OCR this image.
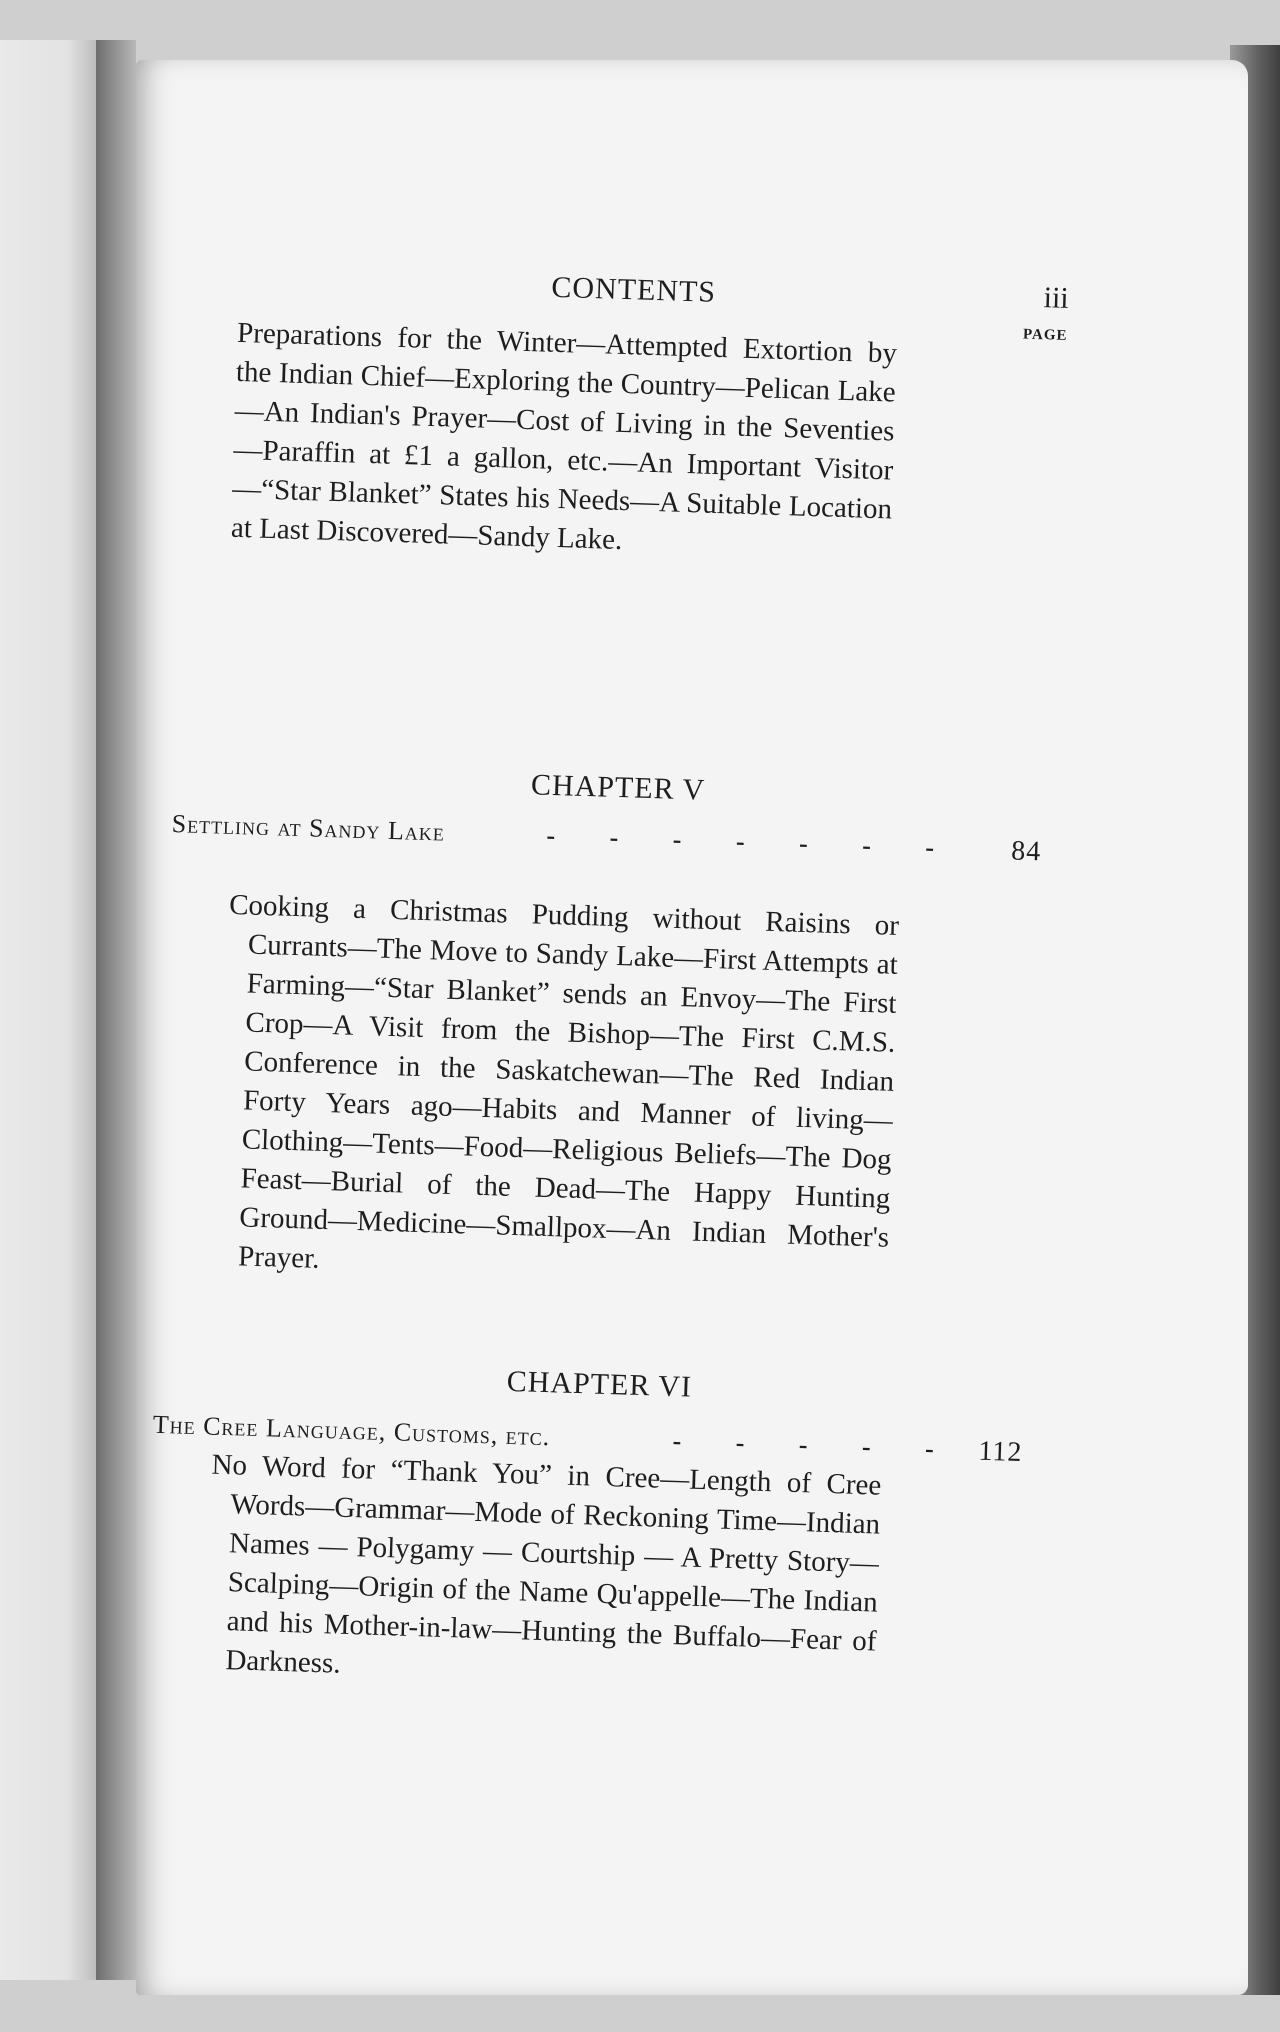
CONTENTS	iii
PAGE
Preparations for the Winter—Attempted Extortion by the Indian Chief—Exploring the Country—Pelican Lake—An Indian's Prayer—Cost of Living in the Seventies—Paraffin at £1 a gallon, etc.—An Important Visitor—“Star Blanket” States his Needs—A Suitable Location at Last Discovered—Sandy Lake.
CHAPTER V
Settling at Sandy Lake	- - - - - - -	84
Cooking a Christmas Pudding without Raisins or Currants—The Move to Sandy Lake—First Attempts at Farming—“Star Blanket” sends an Envoy—The First Crop—A Visit from the Bishop—The First C.M.S. Conference in the Saskatchewan—The Red Indian Forty Years ago—Habits and Manner of living—Clothing—Tents—Food—Religious Beliefs—The Dog Feast—Burial of the Dead—The Happy Hunting Ground—Medicine—Smallpox—An Indian Mother's Prayer.
CHAPTER VI
The Cree Language, Customs, etc.	- - - - - 112
No Word for “Thank You” in Cree—Length of Cree Words—Grammar—Mode of Reckoning Time—Indian Names — Polygamy — Courtship — A Pretty Story—Scalping—Origin of the Name Qu'appelle—The Indian and his Mother-in-law—Hunting the Buffalo—Fear of Darkness.
